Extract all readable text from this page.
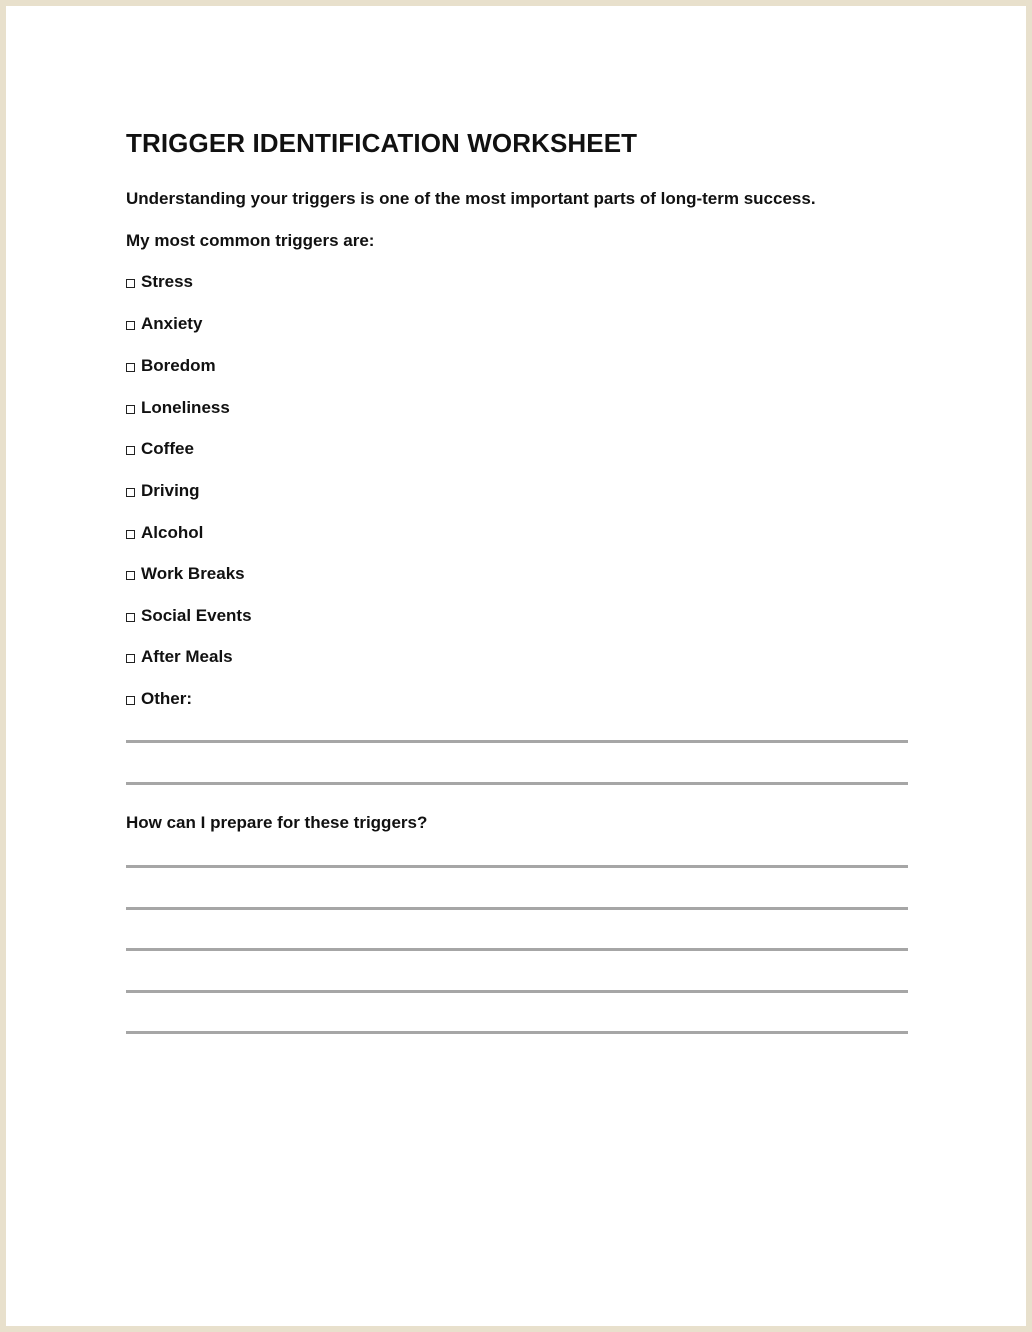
TRIGGER IDENTIFICATION WORKSHEET

Understanding your triggers is one of the most important parts of long-term success.

My most common triggers are:

Stress
Anxiety
Boredom
Loneliness
Coffee
Driving
Alcohol
Work Breaks
Social Events
After Meals
Other:

How can I prepare for these triggers?
